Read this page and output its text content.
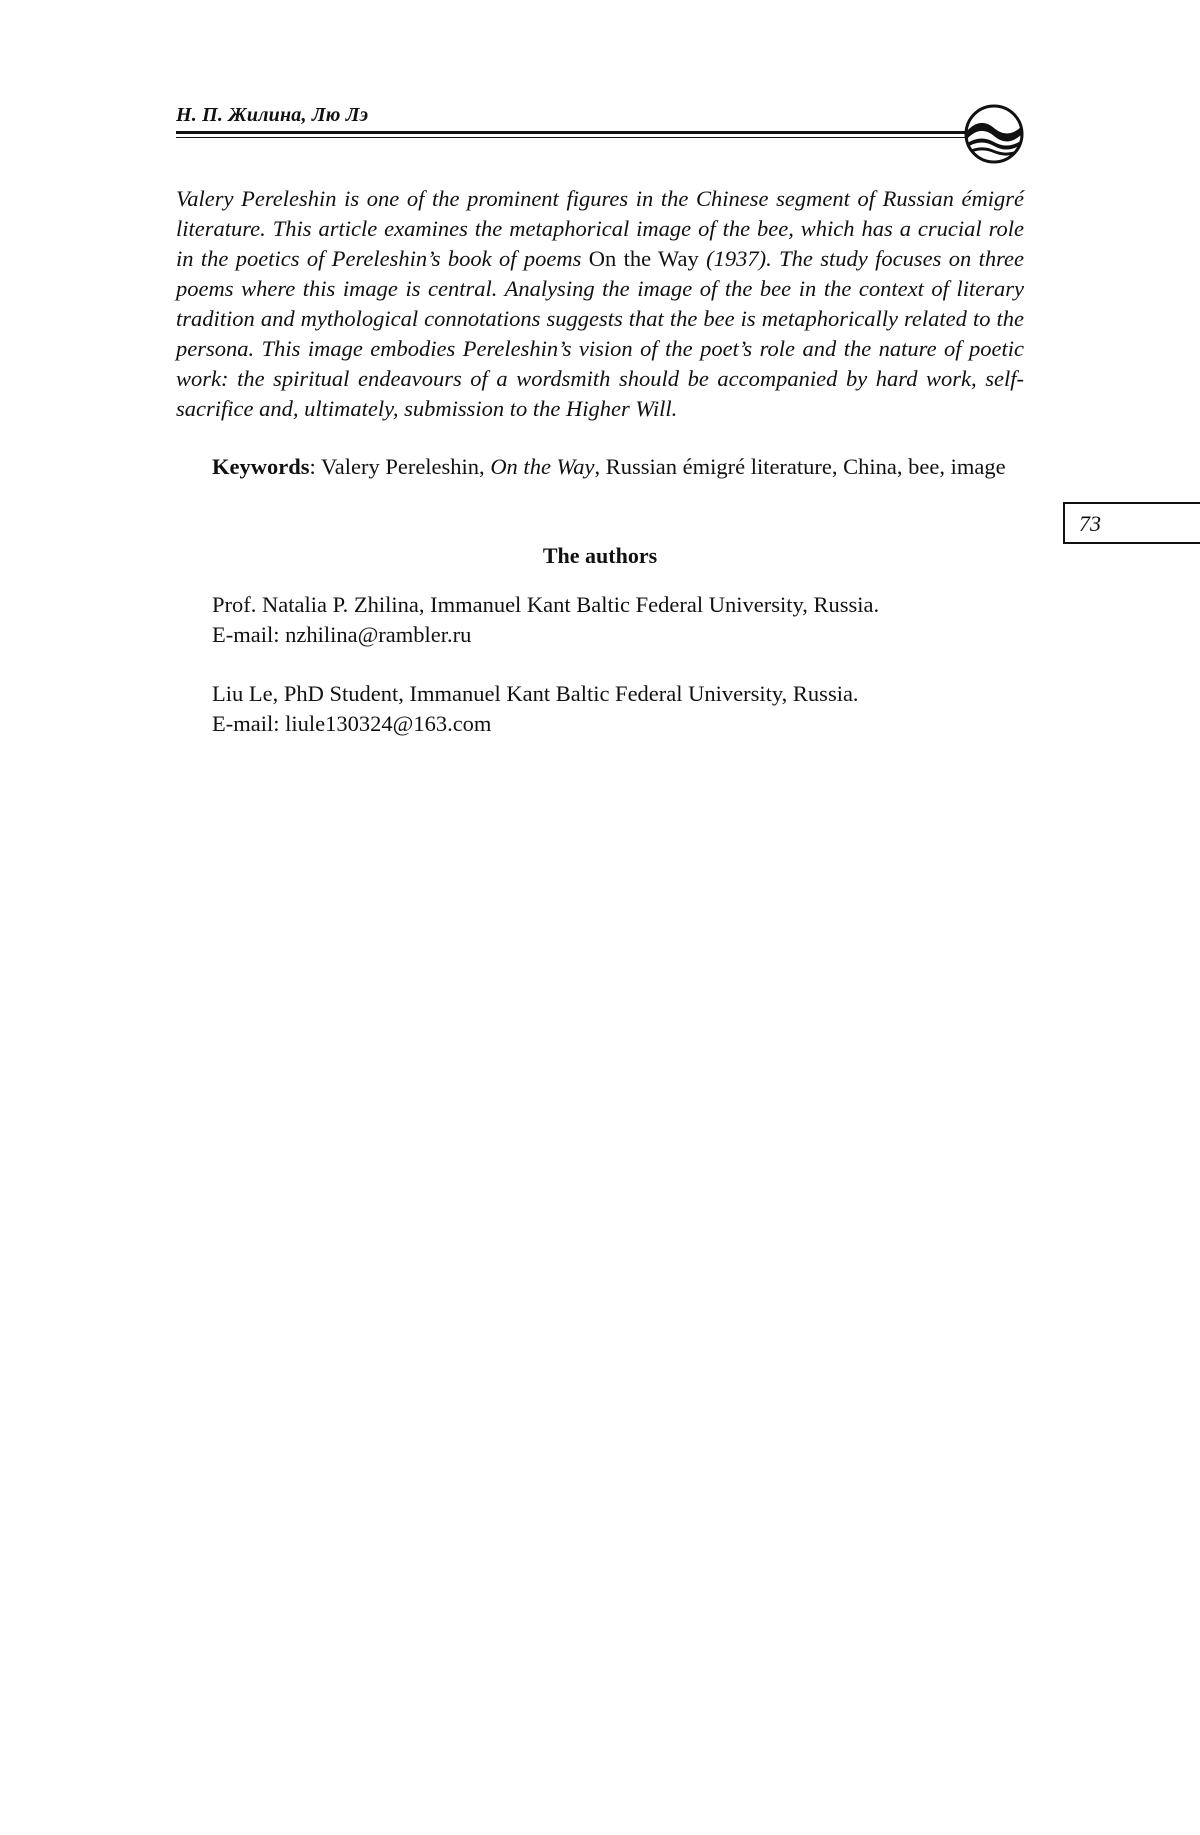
Н. П. Жилина, Лю Лэ

Valery Pereleshin is one of the prominent figures in the Chinese segment of Russian émigré literature. This article examines the metaphorical image of the bee, which has a crucial role in the poetics of Pereleshin’s book of poems On the Way (1937). The study focuses on three poems where this image is central. Analysing the image of the bee in the context of literary tradition and mythological connotations suggests that the bee is metaphorically related to the persona. This image embodies Pereleshin’s vision of the poet’s role and the nature of poetic work: the spiritual endeavours of a wordsmith should be accompanied by hard work, self-sacrifice and, ultimately, submission to the Higher Will.

Keywords: Valery Pereleshin, On the Way, Russian émigré literature, China, bee, image

73

The authors

Prof. Natalia P. Zhilina, Immanuel Kant Baltic Federal University, Russia.
E-mail: nzhilina@rambler.ru

Liu Le, PhD Student, Immanuel Kant Baltic Federal University, Russia.
E-mail: liule130324@163.com
